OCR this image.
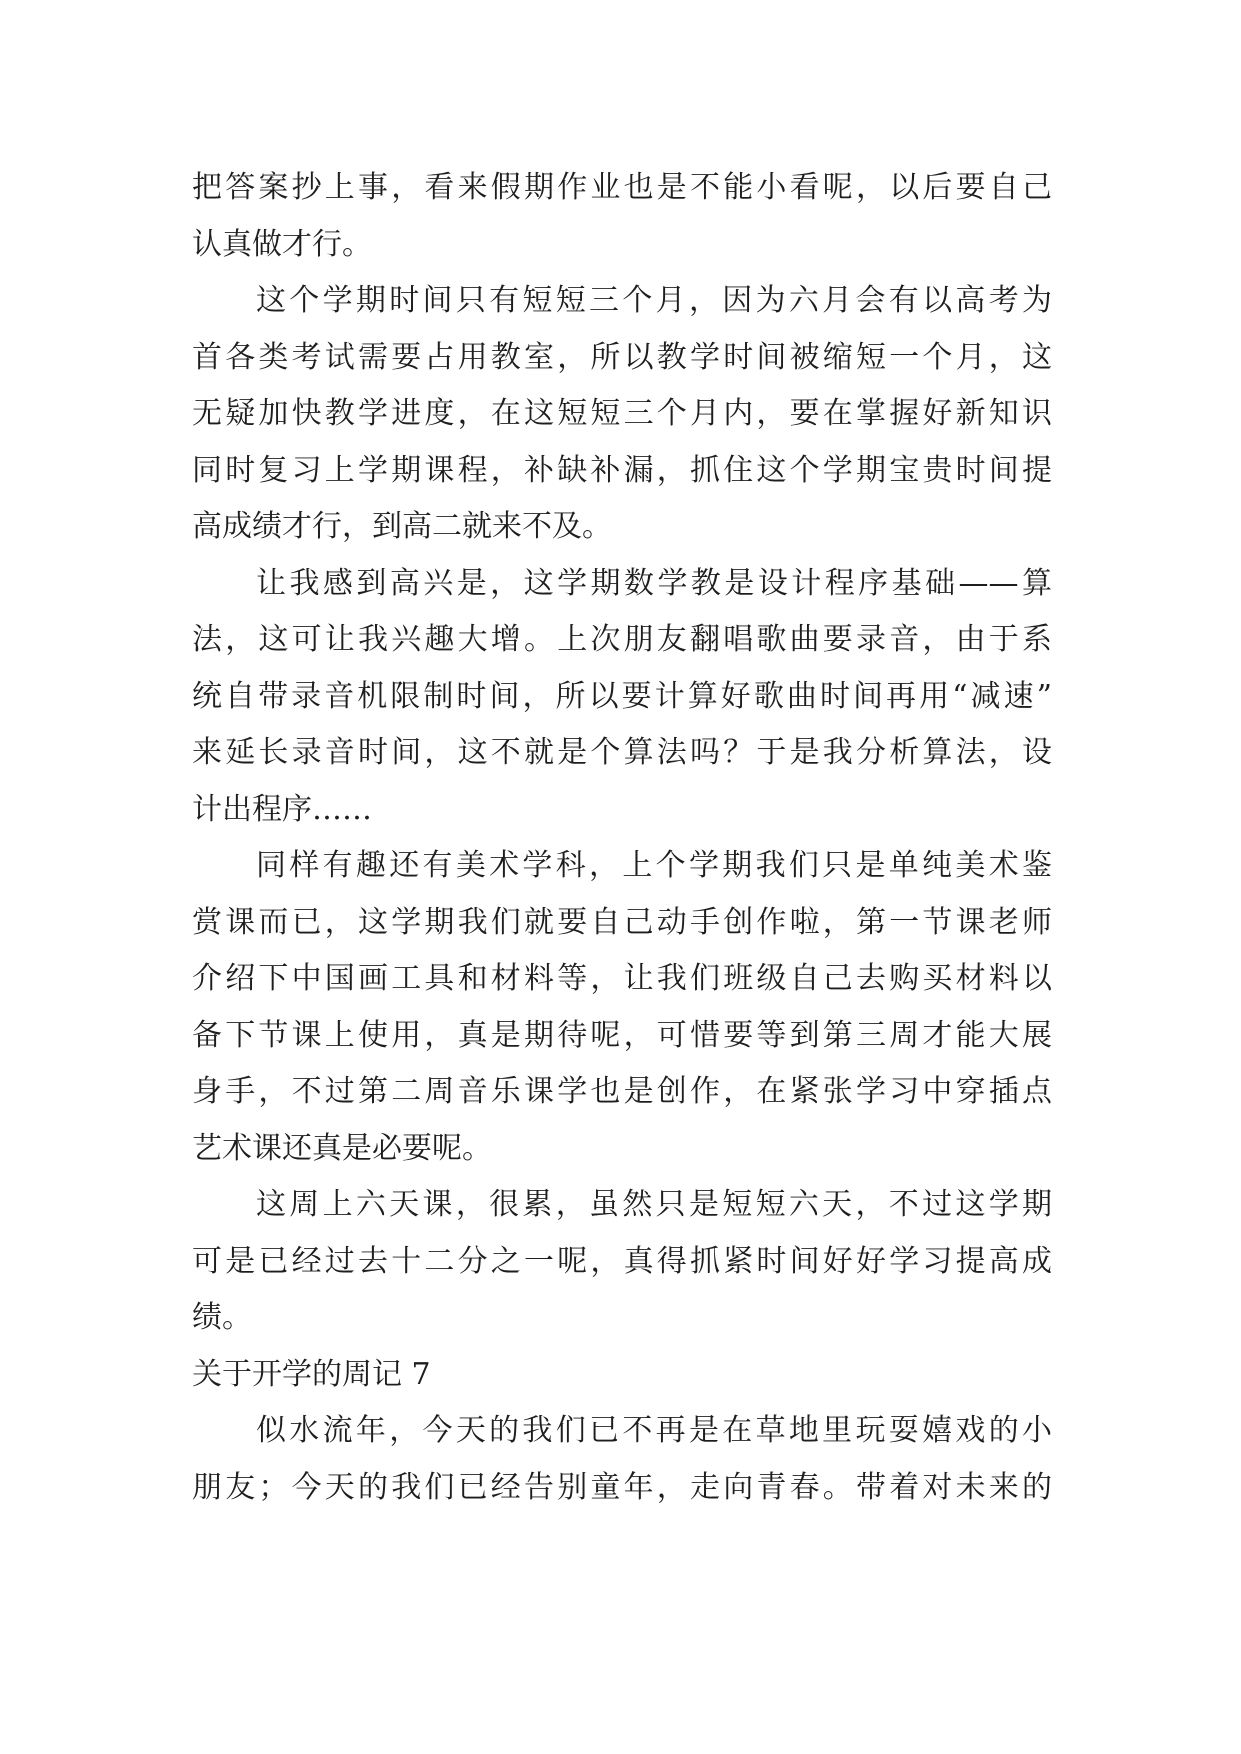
把答案抄上事，看来假期作业也是不能小看呢，以后要自己
认真做才行。
这个学期时间只有短短三个月，因为六月会有以高考为
首各类考试需要占用教室，所以教学时间被缩短一个月，这
无疑加快教学进度，在这短短三个月内，要在掌握好新知识
同时复习上学期课程，补缺补漏，抓住这个学期宝贵时间提
高成绩才行，到高二就来不及。
让我感到高兴是，这学期数学教是设计程序基础——算
法，这可让我兴趣大增。上次朋友翻唱歌曲要录音，由于系
统自带录音机限制时间，所以要计算好歌曲时间再用“减速”
来延长录音时间，这不就是个算法吗？于是我分析算法，设
计出程序……
同样有趣还有美术学科，上个学期我们只是单纯美术鉴
赏课而已，这学期我们就要自己动手创作啦，第一节课老师
介绍下中国画工具和材料等，让我们班级自己去购买材料以
备下节课上使用，真是期待呢，可惜要等到第三周才能大展
身手，不过第二周音乐课学也是创作，在紧张学习中穿插点
艺术课还真是必要呢。
这周上六天课，很累，虽然只是短短六天，不过这学期
可是已经过去十二分之一呢，真得抓紧时间好好学习提高成
绩。
关于开学的周记 7
似水流年，今天的我们已不再是在草地里玩耍嬉戏的小
朋友；今天的我们已经告别童年，走向青春。带着对未来的
